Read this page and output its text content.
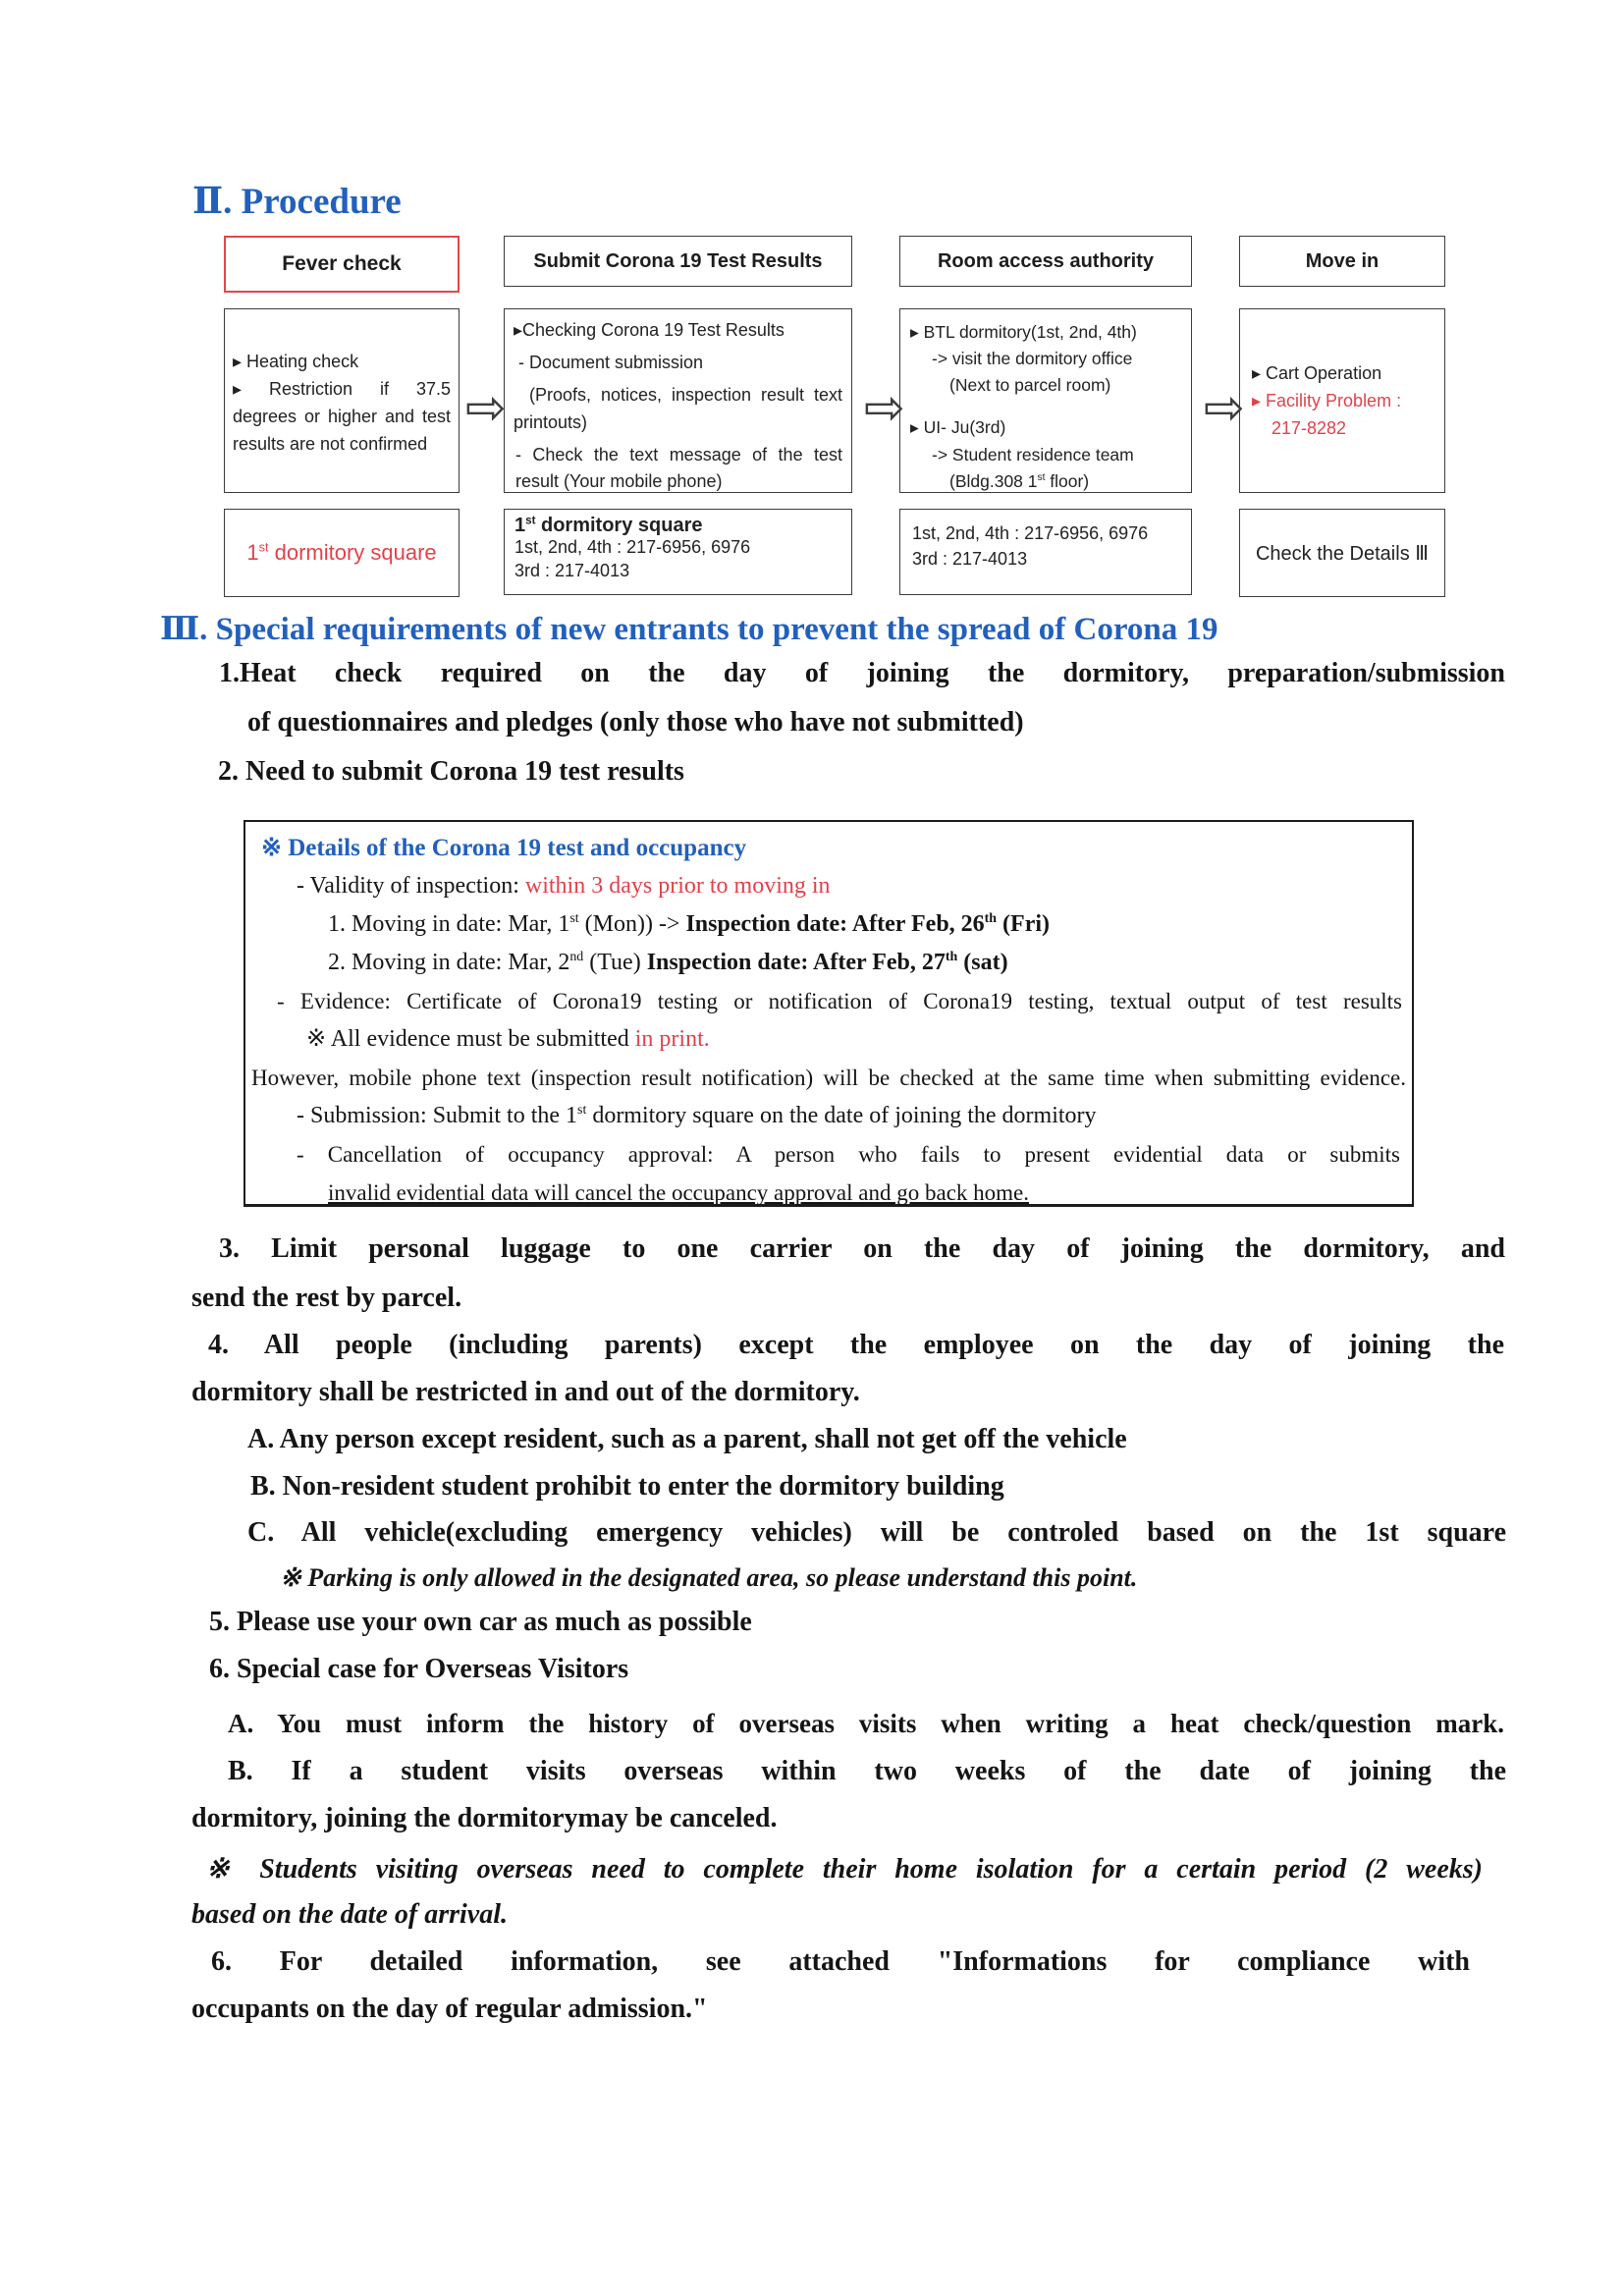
Ⅱ. Procedure
Fever check
▸ Heating check
▸ Restriction if 37.5 degrees or higher and test results are not confirmed
1st dormitory square
⇨
Submit Corona 19 Test Results
▸Checking Corona 19 Test Results
- Document submission
(Proofs, notices, inspection result text printouts)
- Check the text message of the test result (Your mobile phone)
1st dormitory square
1st, 2nd, 4th : 217-6956, 6976
3rd : 217-4013
⇨
Room access authority
▸ BTL dormitory(1st, 2nd, 4th)
-> visit the dormitory office
(Next to parcel room)
▸ UI- Ju(3rd)
-> Student residence team
(Bldg.308 1st floor)
1st, 2nd, 4th : 217-6956, 6976
3rd : 217-4013
⇨
Move in
▸ Cart Operation
▸ Facility Problem :
217-8282
Check the Details Ⅲ
Ⅲ. Special requirements of new entrants to prevent the spread of Corona 19
1.Heat check required on the day of joining the dormitory, preparation/submission
of questionnaires and pledges (only those who have not submitted)
2. Need to submit Corona 19 test results
※ Details of the Corona 19 test and occupancy
- Validity of inspection: within 3 days prior to moving in
1. Moving in date: Mar, 1st (Mon)) -> Inspection date: After Feb, 26th (Fri)
2. Moving in date: Mar, 2nd (Tue) Inspection date: After Feb, 27th (sat)
- Evidence: Certificate of Corona19 testing or notification of Corona19 testing, textual output of test results
※ All evidence must be submitted in print.
However, mobile phone text (inspection result notification) will be checked at the same time when submitting evidence.
- Submission: Submit to the 1st dormitory square on the date of joining the dormitory
- Cancellation of occupancy approval: A person who fails to present evidential data or submits
invalid evidential data will cancel the occupancy approval and go back home.
3. Limit personal luggage to one carrier on the day of joining the dormitory, and
send the rest by parcel.
4. All people (including parents) except the employee on the day of joining the
dormitory shall be restricted in and out of the dormitory.
A. Any person except resident, such as a parent, shall not get off the vehicle
B. Non-resident student prohibit to enter the dormitory building
C. All vehicle(excluding emergency vehicles) will be controled based on the 1st square
※ Parking is only allowed in the designated area, so please understand this point.
5. Please use your own car as much as possible
6. Special case for Overseas Visitors
A. You must inform the history of overseas visits when writing a heat check/question mark.
B. If a student visits overseas within two weeks of the date of joining the
dormitory, joining the dormitorymay be canceled.
※ Students visiting overseas need to complete their home isolation for a certain period (2 weeks)
based on the date of arrival.
6. For detailed information, see attached "Informations for compliance with
occupants on the day of regular admission."
